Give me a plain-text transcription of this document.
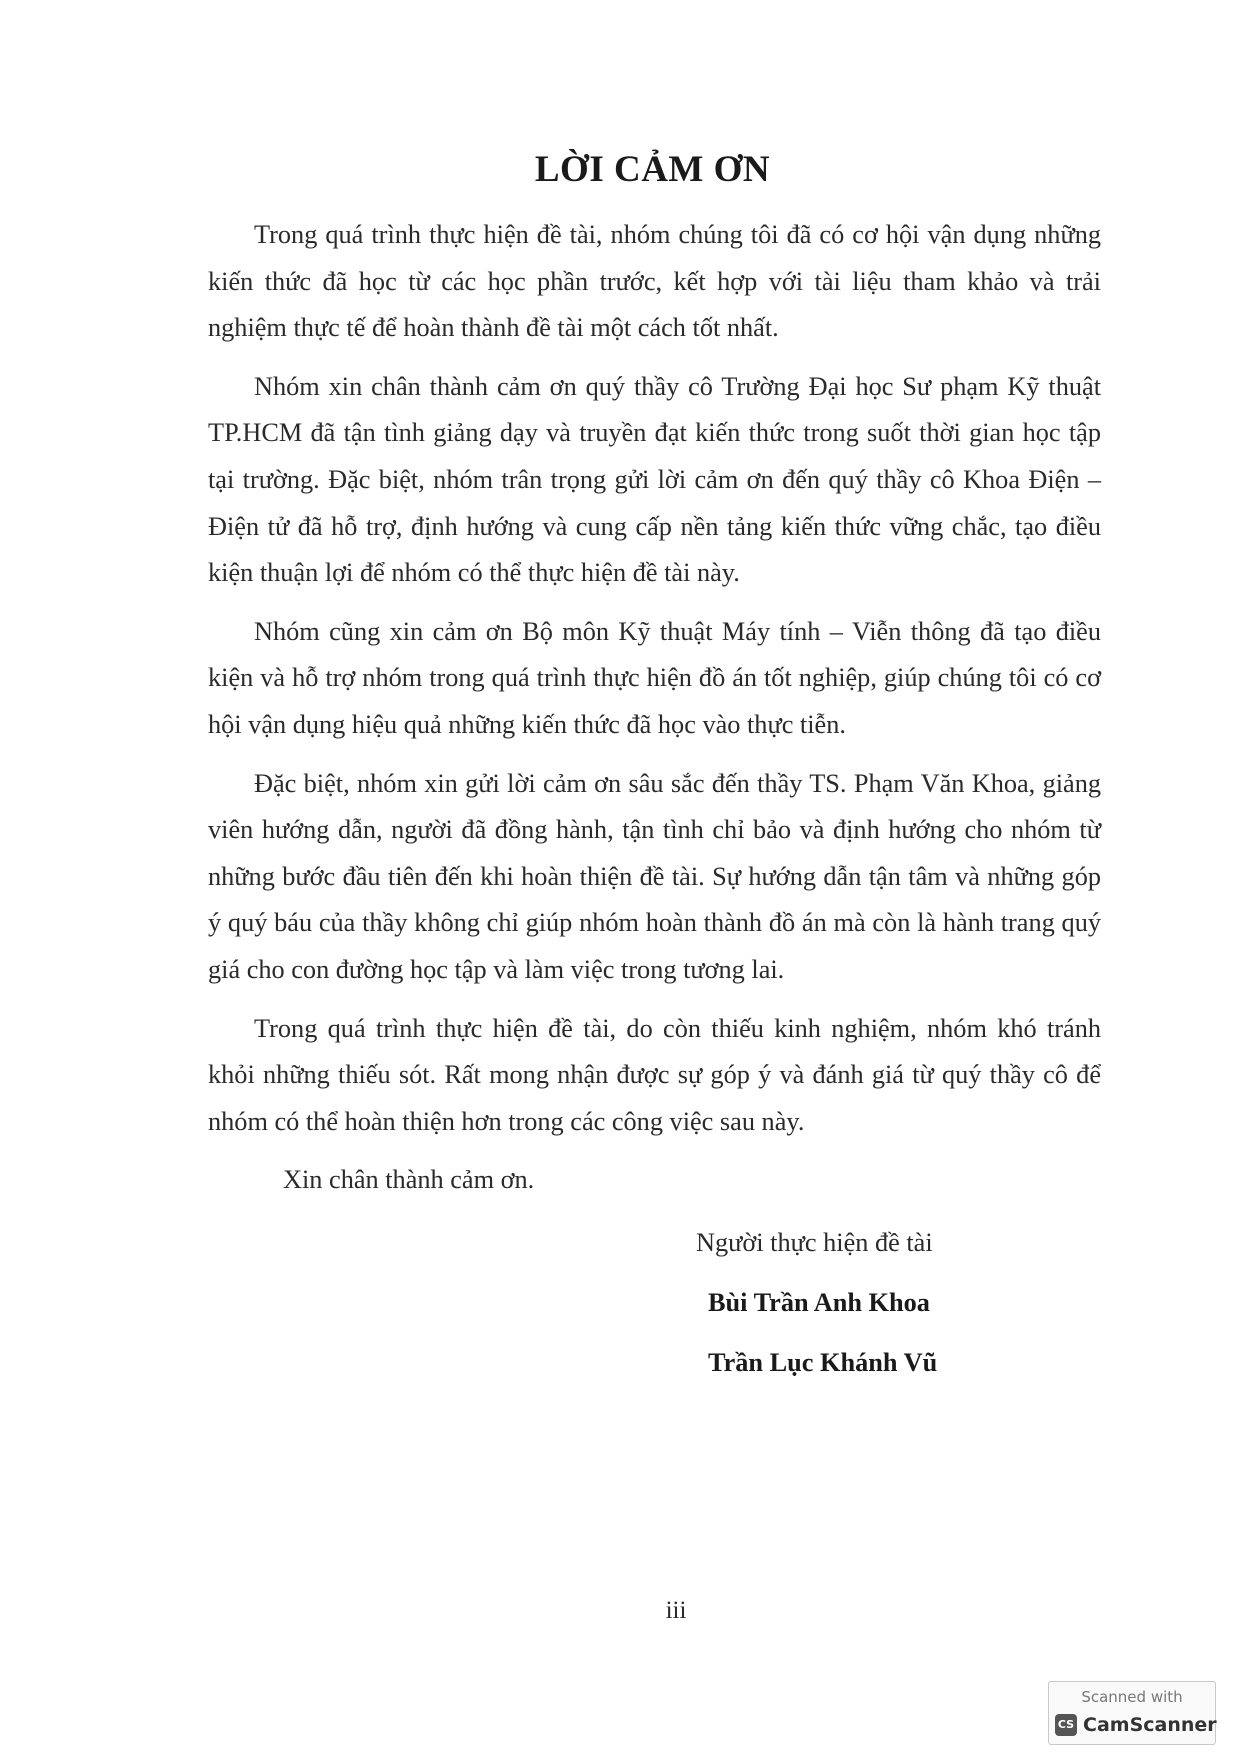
LỜI CẢM ƠN

Trong quá trình thực hiện đề tài, nhóm chúng tôi đã có cơ hội vận dụng những kiến thức đã học từ các học phần trước, kết hợp với tài liệu tham khảo và trải nghiệm thực tế để hoàn thành đề tài một cách tốt nhất.

Nhóm xin chân thành cảm ơn quý thầy cô Trường Đại học Sư phạm Kỹ thuật TP.HCM đã tận tình giảng dạy và truyền đạt kiến thức trong suốt thời gian học tập tại trường. Đặc biệt, nhóm trân trọng gửi lời cảm ơn đến quý thầy cô Khoa Điện – Điện tử đã hỗ trợ, định hướng và cung cấp nền tảng kiến thức vững chắc, tạo điều kiện thuận lợi để nhóm có thể thực hiện đề tài này.

Nhóm cũng xin cảm ơn Bộ môn Kỹ thuật Máy tính – Viễn thông đã tạo điều kiện và hỗ trợ nhóm trong quá trình thực hiện đồ án tốt nghiệp, giúp chúng tôi có cơ hội vận dụng hiệu quả những kiến thức đã học vào thực tiễn.

Đặc biệt, nhóm xin gửi lời cảm ơn sâu sắc đến thầy TS. Phạm Văn Khoa, giảng viên hướng dẫn, người đã đồng hành, tận tình chỉ bảo và định hướng cho nhóm từ những bước đầu tiên đến khi hoàn thiện đề tài. Sự hướng dẫn tận tâm và những góp ý quý báu của thầy không chỉ giúp nhóm hoàn thành đồ án mà còn là hành trang quý giá cho con đường học tập và làm việc trong tương lai.

Trong quá trình thực hiện đề tài, do còn thiếu kinh nghiệm, nhóm khó tránh khỏi những thiếu sót. Rất mong nhận được sự góp ý và đánh giá từ quý thầy cô để nhóm có thể hoàn thiện hơn trong các công việc sau này.

Xin chân thành cảm ơn.

Người thực hiện đề tài
Bùi Trần Anh Khoa
Trần Lục Khánh Vũ
iii
Scanned with
CS CamScanner
